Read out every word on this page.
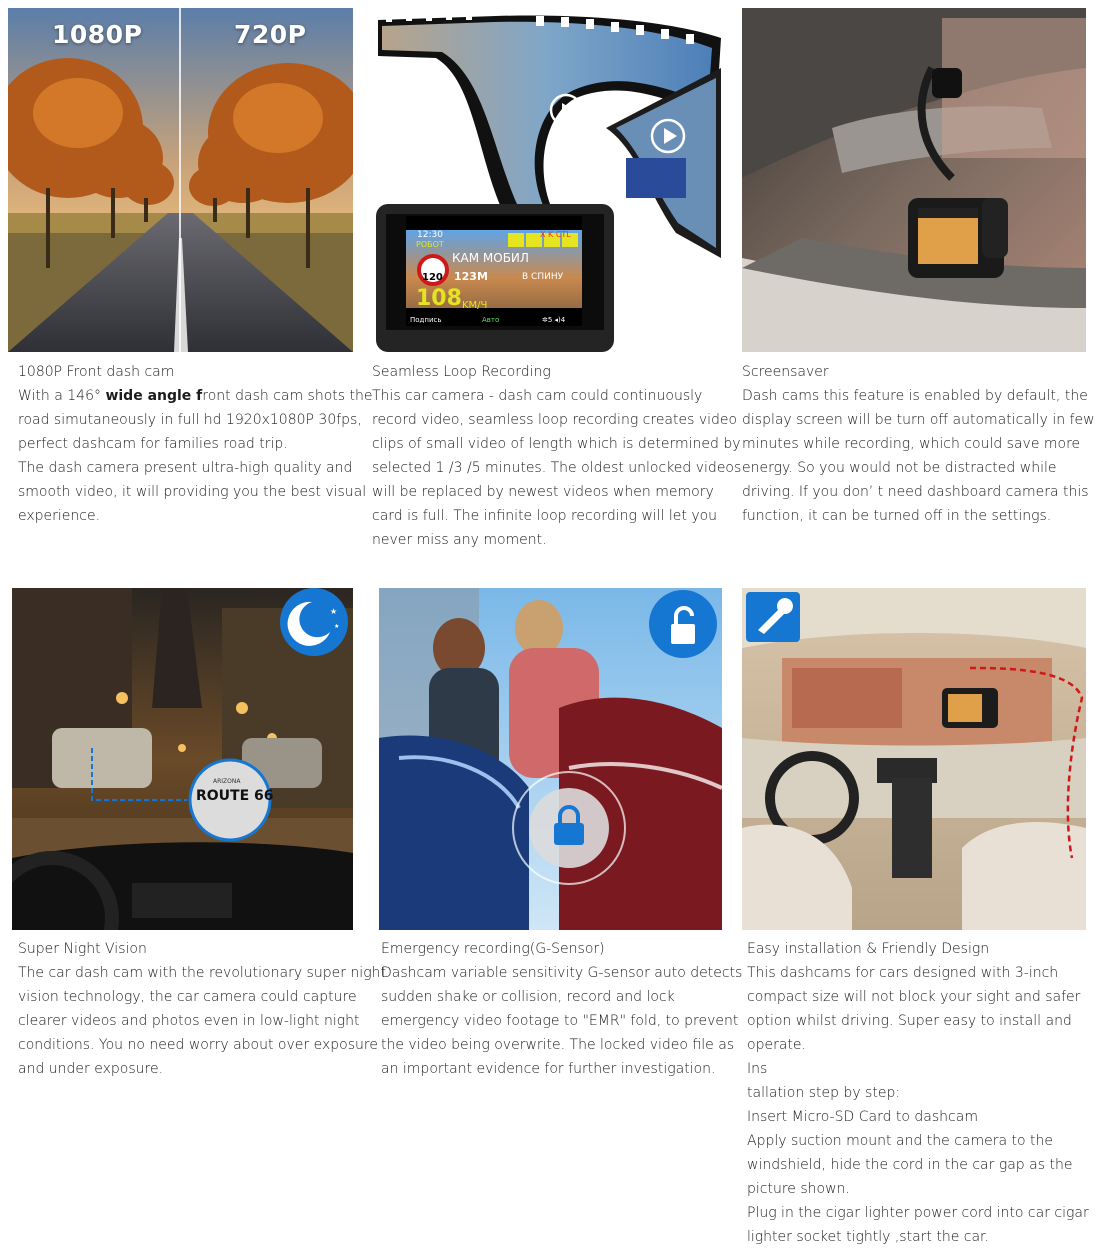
1080P	720P
12:30	X K CTL
РОБОТ
120
КАМ МОБИЛ
123M	В СПИНУ
108 KM/Ч
Подпись	Авто	✲5 ◂)4
★
★
ARIZONA
ROUTE 66
1080P Front dash cam
With a 146° wide angle front dash cam shots the
road simutaneously in full hd 1920x1080P 30fps,
perfect dashcam for families road trip.
The dash camera present ultra-high quality and
smooth video, it will providing you the best visual
experience.
Seamless Loop Recording
This car camera - dash cam could continuously
record video, seamless loop recording creates video
clips of small video of length which is determined by
selected 1 /3 /5 minutes. The oldest unlocked videos
will be replaced by newest videos when memory
card is full. The infinite loop recording will let you
never miss any moment.
Screensaver
Dash cams this feature is enabled by default, the
display screen will be turn off automatically in few
minutes while recording, which could save more
energy. So you would not be distracted while
driving. If you don’ t need dashboard camera this
function, it can be turned off in the settings.
Super Night Vision
The car dash cam with the revolutionary super night
vision technology, the car camera could capture
clearer videos and photos even in low-light night
conditions. You no need worry about over exposure
and under exposure.
Emergency recording(G-Sensor)
Dashcam variable sensitivity G-sensor auto detects
sudden shake or collision, record and lock
emergency video footage to "EMR" fold, to prevent
the video being overwrite. The locked video file as
an important evidence for further investigation.
Easy installation & Friendly Design
This dashcams for cars designed with 3-inch
compact size will not block your sight and safer
option whilst driving. Super easy to install and
operate.
Ins
tallation step by step:
Insert Micro-SD Card to dashcam
Apply suction mount and the camera to the
windshield, hide the cord in the car gap as the
picture shown.
Plug in the cigar lighter power cord into car cigar
lighter socket tightly ,start the car.
